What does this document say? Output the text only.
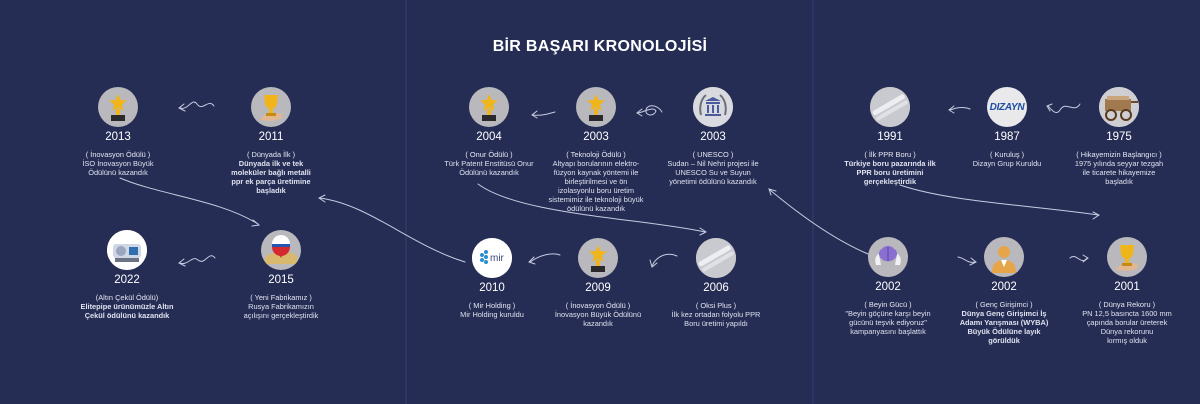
BİR BAŞARI KRONOLOJİSİ
2013
( İnovasyon Ödülü )
İSO İnovasyon Büyük
Ödülünü kazandık
2011
( Dünyada İlk )
Dünyada ilk ve tek
moleküler bağlı metalli
ppr ek parça üretimine
başladık
2022
(Altın Çekül Ödülü)
Elitepipe ürünümüzle Altın
Çekül ödülünü kazandık
2015
( Yeni Fabrikamız )
Rusya Fabrikamızın
açılışını gerçekleştirdik
2004
( Onur Ödülü )
Türk Patent Enstitüsü Onur
Ödülünü kazandık
2003
( Teknoloji Ödülü )
Altyapı borularının elektro-
füzyon kaynak yöntemi ile
birleştirilmesi ve ön
izolasyonlu boru üretim
sistemimiz ile teknoloji büyük
ödülünü kazandık
2003
( UNESCO )
Sudan – Nil Nehri projesi ile
UNESCO Su ve Suyun
yönetimi ödülünü kazandık
mir
2010
( Mir Holding )
Mir Holding kuruldu
2009
( İnovasyon Ödülü )
İnovasyon Büyük Ödülünü
kazandık
2006
( Oksi Plus )
İlk kez ortadan folyolu PPR
Boru üretimi yapıldı
1991
( İlk PPR Boru )
Türkiye boru pazarında ilk
PPR boru üretimini
gerçekleştirdik
DIZAYN
1987
( Kuruluş )
Dizayn Grup Kuruldu
1975
( Hikayemizin Başlangıcı )
1975 yılında seyyar tezgah
ile ticarete hikayemize
başladık
2002
( Beyin Gücü )
"Beyin göçüne karşı beyin
gücünü teşvik ediyoruz"
kampanyasını başlattık
2002
( Genç Girişimci )
Dünya Genç Girişimci İş
Adamı Yarışması (WYBA)
Büyük Ödülüne layık
görüldük
2001
( Dünya Rekoru )
PN 12,5 basıncta 1600 mm
çapında borular üreterek
Dünya rekorunu
kırmış olduk
